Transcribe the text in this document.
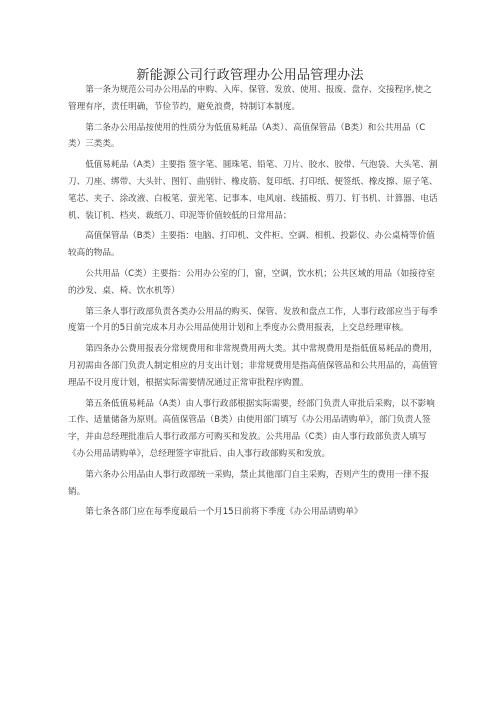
新能源公司行政管理办公用品管理办法

第一条为规范公司办公用品的申购、入库、保管、发放、使用、报废、盘存、交接程序,使之管理有序，责任明确，节俭节约，避免浪费，特制订本制度。

第二条办公用品按使用的性质分为低值易耗品（A类）、高值保管品（B类）和公共用品（C类）三类类。

低值易耗品（A类）主要指 签字笔、圆珠笔、铅笔、刀片、胶水、胶带、气泡袋、大头笔、割刀、刀座、绑带、大头针、图钉、曲别针、橡皮筋、复印纸、打印纸、便签纸、橡皮擦、原子笔、笔芯、夹子、涂改液、白板笔、萤光笔、记事本、电风扇、线插板、剪刀、钉书机、计算器、电话机、装订机、档夹、裁纸刀、印泥等价值较低的日常用品；

高值保管品（B类）主要指：电脑、打印机、文件柜、空调、相机、投影仪、办公桌椅等价值较高的物品。

公共用品（C类）主要指：公用办公室的门，窗，空调，饮水机；公共区域的用品（如接待室的沙发、桌、椅、饮水机等）

第三条人事行政部负责各类办公用品的购买、保管、发放和盘点工作，人事行政部应当于每季度第一个月的5日前完成本月办公用品使用计划和上季度办公费用报表，上交总经理审核。

第四条办公费用报表分常规费用和非常规费用两大类。其中常规费用是指低值易耗品的费用，月初需由各部门负责人制定相应的月支出计划；非常规费用是指高值保管品和公共用品的，高值管理品不设月度计划，根据实际需要情况通过正常审批程序购置。

第五条低值易耗品（A类）由人事行政部根据实际需要，经部门负责人审批后采购，以不影响工作、适量储备为原则。高值保管品（B类）由使用部门填写《办公用品请购单》，部门负责人签字，并由总经理批准后人事行政部方可购买和发放。公共用品（C类）由人事行政部负责人填写《办公用品请购单》，总经理签字审批后、由人事行政部购买和发放。

第六条办公用品由人事行政部统一采购，禁止其他部门自主采购，否则产生的费用一律不报销。

第七条各部门应在每季度最后一个月15日前将下季度《办公用品请购单》
